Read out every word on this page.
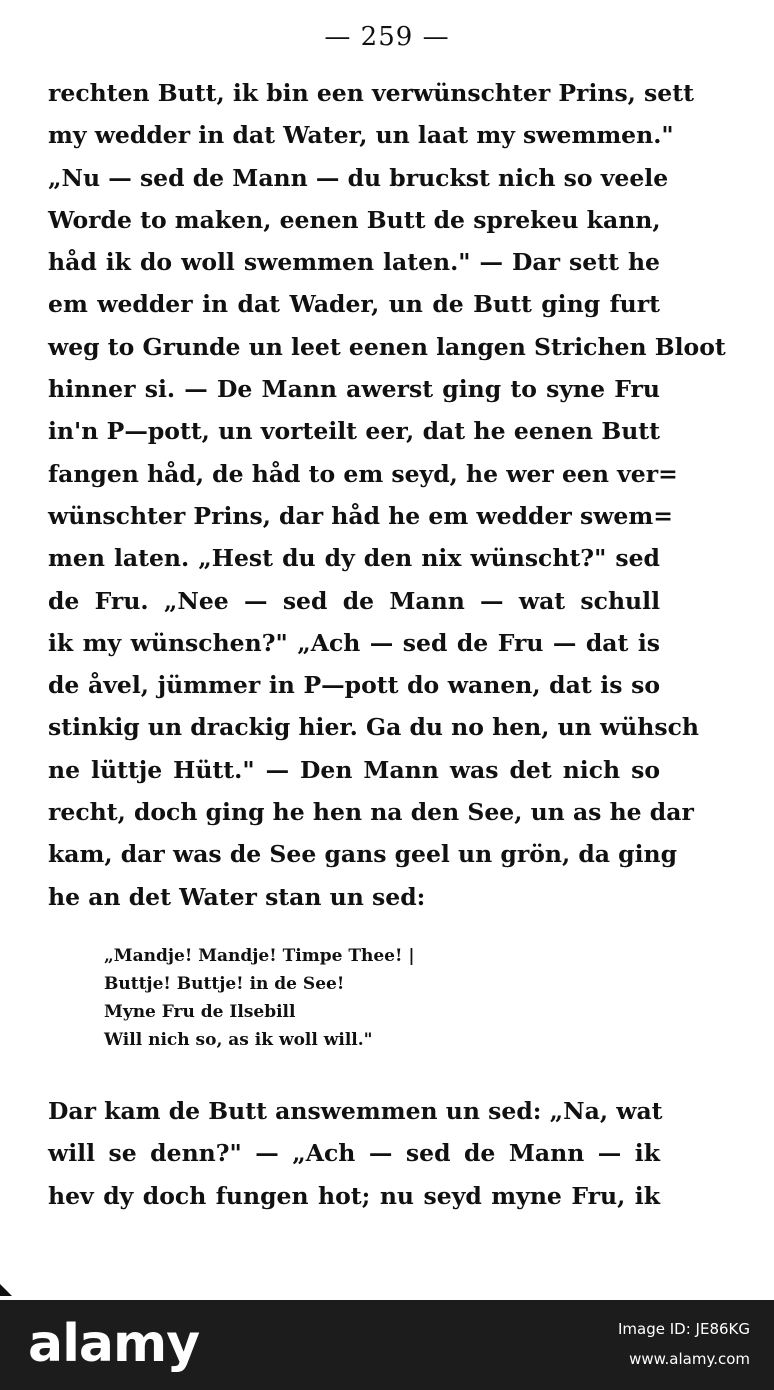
— 259 —
rechten Butt, ik bin een verwünschter Prins, sett
my wedder in dat Water, un laat my swemmen."
„Nu — sed de Mann — du bruckst nich so veele
Worde to maken, eenen Butt de sprekeu kann,
håd ik do woll swemmen laten." — Dar sett he
em wedder in dat Wader, un de Butt ging furt
weg to Grunde un leet eenen langen Strichen Bloot
hinner si. — De Mann awerst ging to syne Fru
in'n P—pott, un vorteilt eer, dat he eenen Butt
fangen håd, de håd to em seyd, he wer een ver=
wünschter Prins, dar håd he em wedder swem=
men laten. „Hest du dy den nix wünscht?" sed
de Fru. „Nee — sed de Mann — wat schull
ik my wünschen?" „Ach — sed de Fru — dat is
de åvel, jümmer in P—pott do wanen, dat is so
stinkig un drackig hier. Ga du no hen, un wühsch
ne lüttje Hütt." — Den Mann was det nich so
recht, doch ging he hen na den See, un as he dar
kam, dar was de See gans geel un grön, da ging
he an det Water stan un sed:
„Mandje! Mandje! Timpe Thee! |
Buttje! Buttje! in de See!
Myne Fru de Ilsebill
Will nich so, as ik woll will."
Dar kam de Butt answemmen un sed: „Na, wat
will se denn?" — „Ach — sed de Mann — ik
hev dy doch fungen hot; nu seyd myne Fru, ik
alamy	Image ID: JE86KG
www.alamy.com
